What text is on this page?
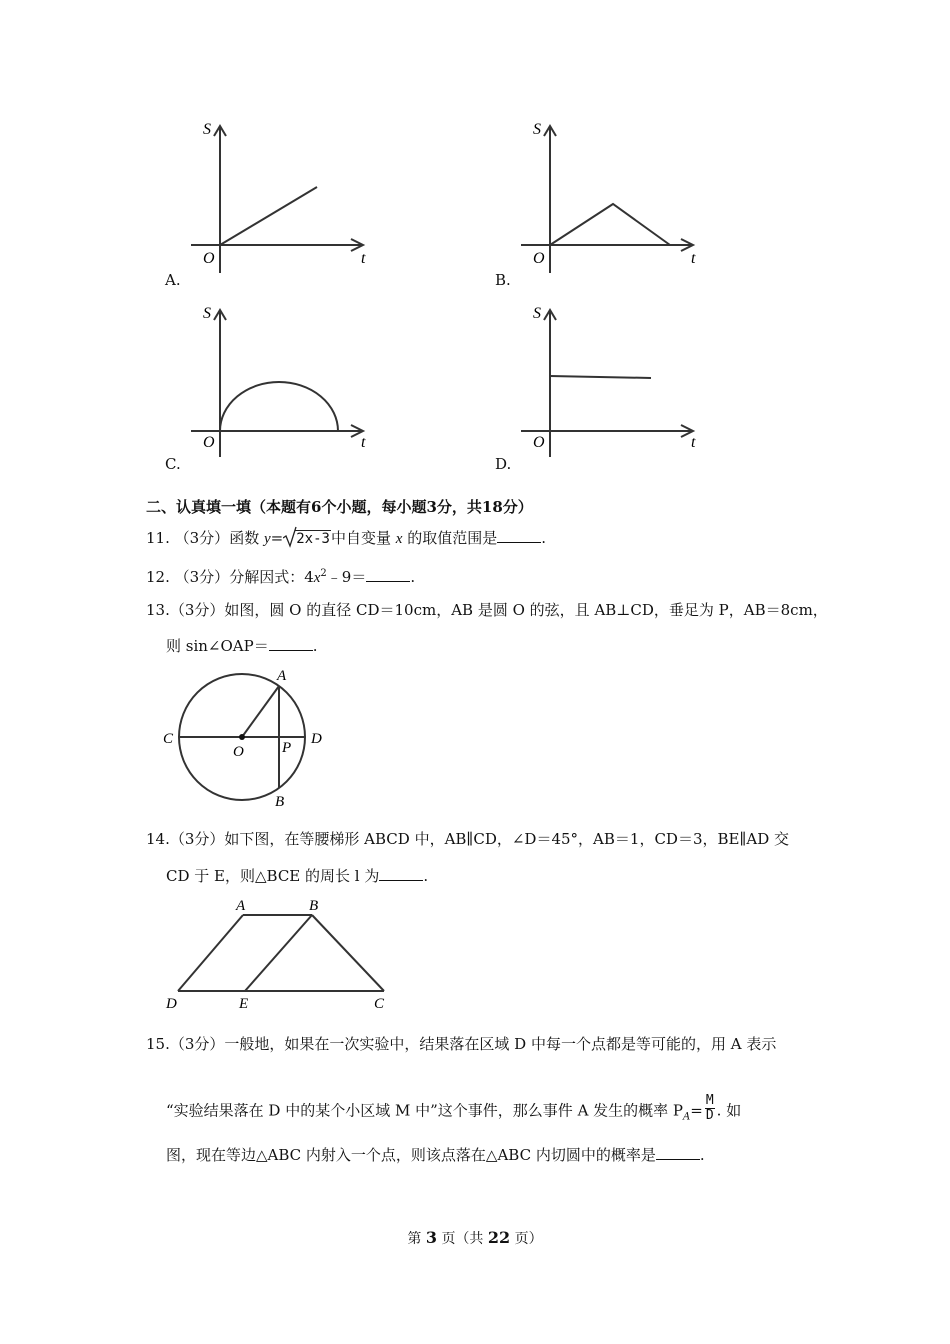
S
O	t
A.
S
O	t
B.
S
O	t
C.
S
O	t
D.
二、认真填一填（本题有6个小题，每小题3分，共18分）
11. （3分）函数 y= 2x-3中自变量 x 的取值范围是	.
12. （3分）分解因式：$4x^2﹣9=$	.
13.（3分）如图，圆 O 的直径 CD＝10cm，AB 是圆 O 的弦，且 AB⊥CD，垂足为 P，AB＝8cm，
则 sin∠OAP＝	.
A
C	D
O	P
B
14.（3分）如下图，在等腰梯形 ABCD 中，AB∥CD，∠D＝45°，AB＝1，CD＝3，BE∥AD 交
CD 于 E，则△BCE 的周长 l 为	.
A	B
D	E	C
15.（3分）一般地，如果在一次实验中，结果落在区域 D 中每一个点都是等可能的，用 A 表示
“实验结果落在 D 中的某个小区域 M 中”这个事件，那么事件 A 发生的概率 $P_A= \frac{M}{D}$ . 如
图，现在等边△ABC 内射入一个点，则该点落在△ABC 内切圆中的概率是	.
第 3 页（共 22 页）
